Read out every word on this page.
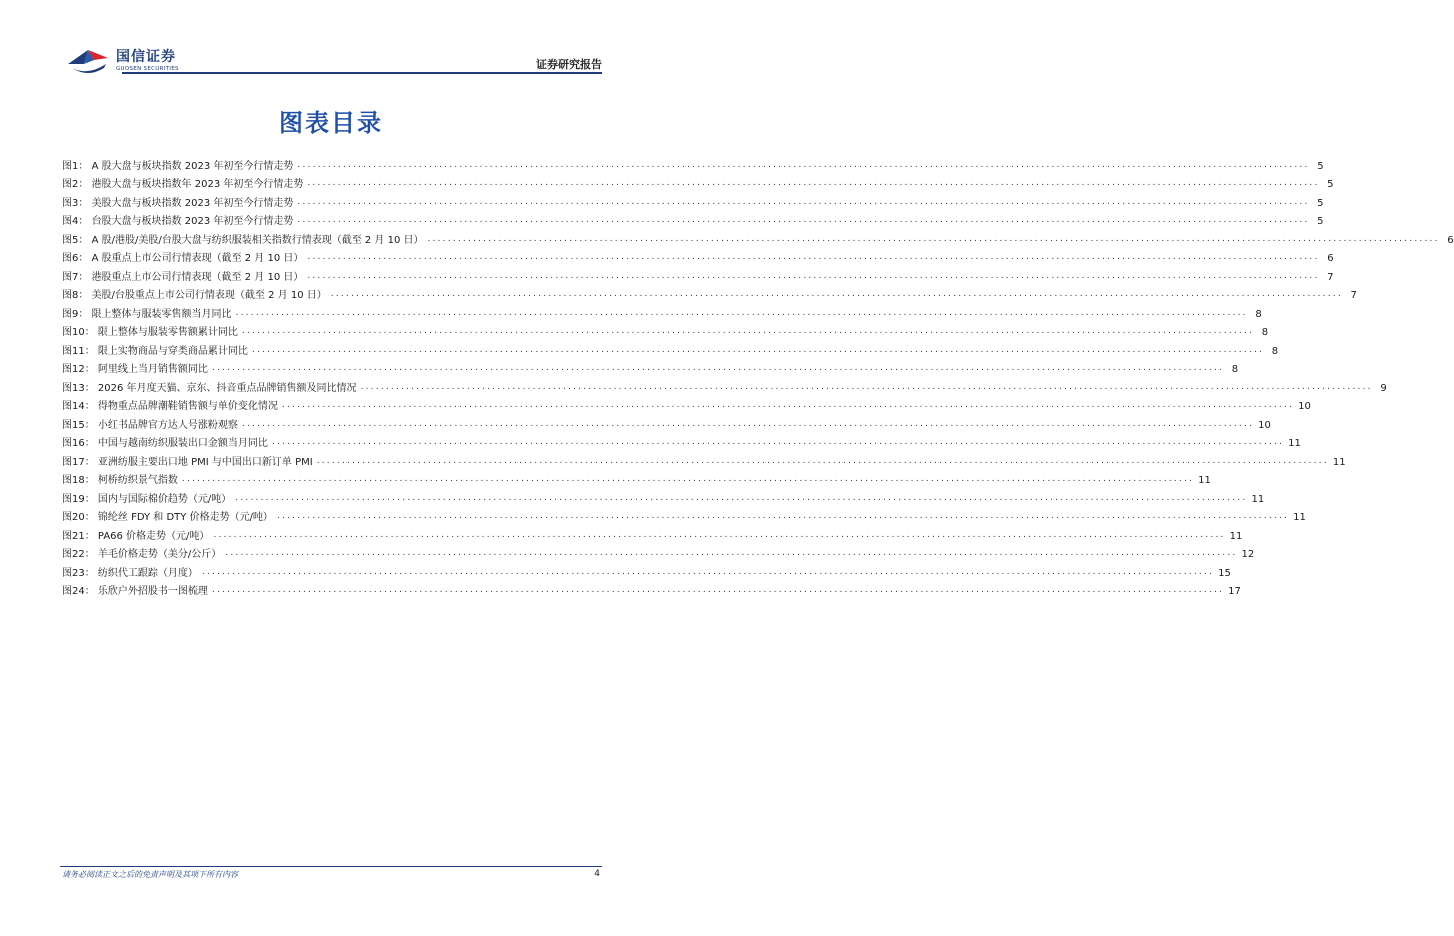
国信证券
GUOSEN SECURITIES	证券研究报告
图表目录
图1：
A 股大盘与板块指数 2023 年初至今行情走势 ........................................................................................................................................................................................................ 5
图2：
港股大盘与板块指数年 2023 年初至今行情走势 ........................................................................................................................................................................................................ 5
图3：
美股大盘与板块指数 2023 年初至今行情走势 ........................................................................................................................................................................................................ 5
图4：
台股大盘与板块指数 2023 年初至今行情走势 ........................................................................................................................................................................................................ 5
图5：
A 股/港股/美股/台股大盘与纺织服装相关指数行情表现（截至 2 月 10 日） ........................................................................................................................................................................................................ 6
图6：
A 股重点上市公司行情表现（截至 2 月 10 日） ........................................................................................................................................................................................................ 6
图7：
港股重点上市公司行情表现（截至 2 月 10 日） ........................................................................................................................................................................................................ 7
图8：
美股/台股重点上市公司行情表现（截至 2 月 10 日） ........................................................................................................................................................................................................ 7
图9：
限上整体与服装零售额当月同比 ........................................................................................................................................................................................................ 8
图10：
限上整体与服装零售额累计同比 ........................................................................................................................................................................................................ 8
图11：
限上实物商品与穿类商品累计同比 ........................................................................................................................................................................................................ 8
图12：
阿里线上当月销售额同比 ........................................................................................................................................................................................................ 8
图13：
2026 年月度天猫、京东、抖音重点品牌销售额及同比情况 ........................................................................................................................................................................................................ 9
图14：
得物重点品牌潮鞋销售额与单价变化情况 ........................................................................................................................................................................................................ 10
图15：
小红书品牌官方达人号涨粉观察 ........................................................................................................................................................................................................ 10
图16：
中国与越南纺织服装出口金额当月同比 ........................................................................................................................................................................................................ 11
图17：
亚洲纺服主要出口地 PMI 与中国出口新订单 PMI ........................................................................................................................................................................................................ 11
图18：
柯桥纺织景气指数 ........................................................................................................................................................................................................ 11
图19：
国内与国际棉价趋势（元/吨） ........................................................................................................................................................................................................ 11
图20：
锦纶丝 FDY 和 DTY 价格走势（元/吨） ........................................................................................................................................................................................................ 11
图21：
PA66 价格走势（元/吨） ........................................................................................................................................................................................................ 11
图22：
羊毛价格走势（美分/公斤） ........................................................................................................................................................................................................ 12
图23：
纺织代工跟踪（月度） ........................................................................................................................................................................................................ 15
图24：
乐欣户外招股书一图梳理 ........................................................................................................................................................................................................ 17
请务必阅读正文之后的免责声明及其项下所有内容	4
